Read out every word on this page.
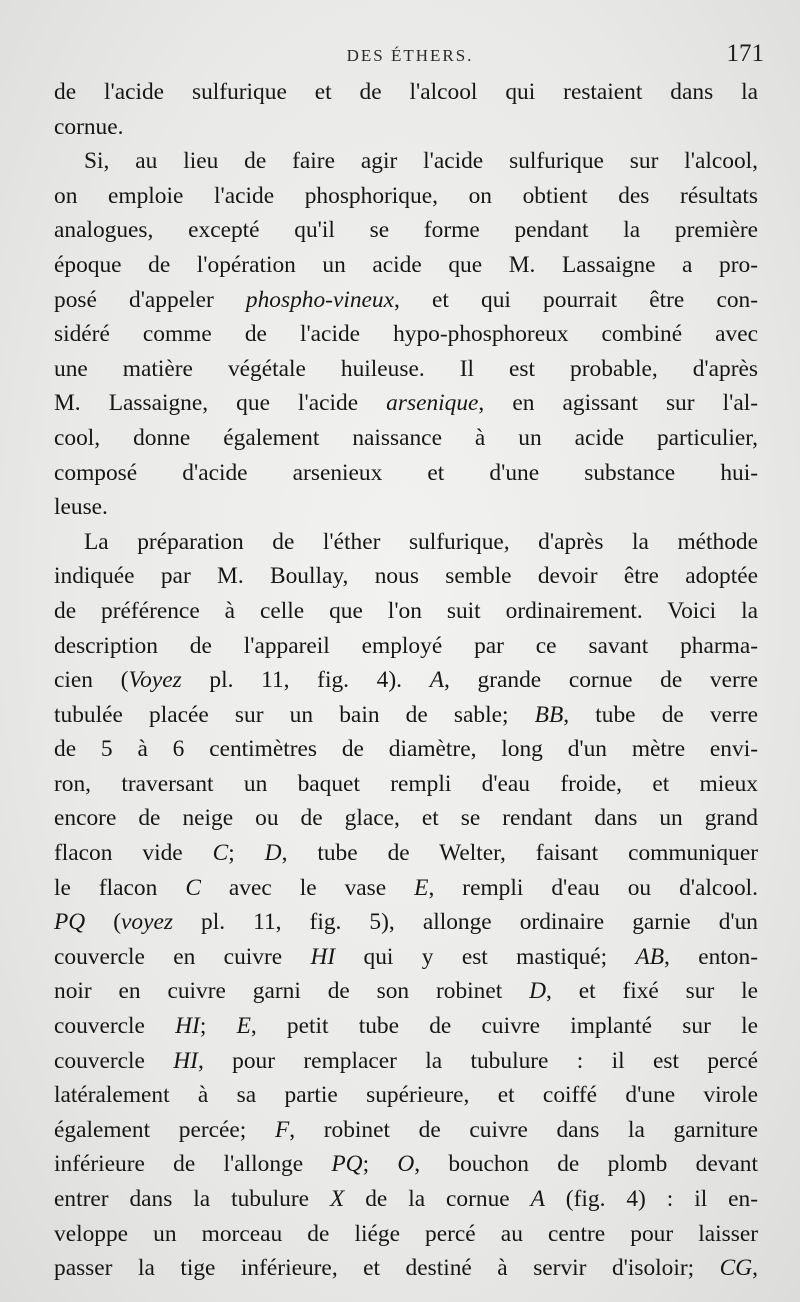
DES ÉTHERS.	171
de l'acide sulfurique et de l'alcool qui restaient dans la
cornue.
Si, au lieu de faire agir l'acide sulfurique sur l'alcool,
on emploie l'acide phosphorique, on obtient des résultats
analogues, excepté qu'il se forme pendant la première
époque de l'opération un acide que M. Lassaigne a pro-
posé d'appeler phospho-vineux, et qui pourrait être con-
sidéré comme de l'acide hypo-phosphoreux combiné avec
une matière végétale huileuse. Il est probable, d'après
M. Lassaigne, que l'acide arsenique, en agissant sur l'al-
cool, donne également naissance à un acide particulier,
composé d'acide arsenieux et d'une substance hui-
leuse.
La préparation de l'éther sulfurique, d'après la méthode
indiquée par M. Boullay, nous semble devoir être adoptée
de préférence à celle que l'on suit ordinairement. Voici la
description de l'appareil employé par ce savant pharma-
cien (Voyez pl. 11, fig. 4). A, grande cornue de verre
tubulée placée sur un bain de sable; BB, tube de verre
de 5 à 6 centimètres de diamètre, long d'un mètre envi-
ron, traversant un baquet rempli d'eau froide, et mieux
encore de neige ou de glace, et se rendant dans un grand
flacon vide C; D, tube de Welter, faisant communiquer
le flacon C avec le vase E, rempli d'eau ou d'alcool.
PQ (voyez pl. 11, fig. 5), allonge ordinaire garnie d'un
couvercle en cuivre HI qui y est mastiqué; AB, enton-
noir en cuivre garni de son robinet D, et fixé sur le
couvercle HI; E, petit tube de cuivre implanté sur le
couvercle HI, pour remplacer la tubulure : il est percé
latéralement à sa partie supérieure, et coiffé d'une virole
également percée; F, robinet de cuivre dans la garniture
inférieure de l'allonge PQ; O, bouchon de plomb devant
entrer dans la tubulure X de la cornue A (fig. 4) : il en-
veloppe un morceau de liége percé au centre pour laisser
passer la tige inférieure, et destiné à servir d'isoloir; CG,
